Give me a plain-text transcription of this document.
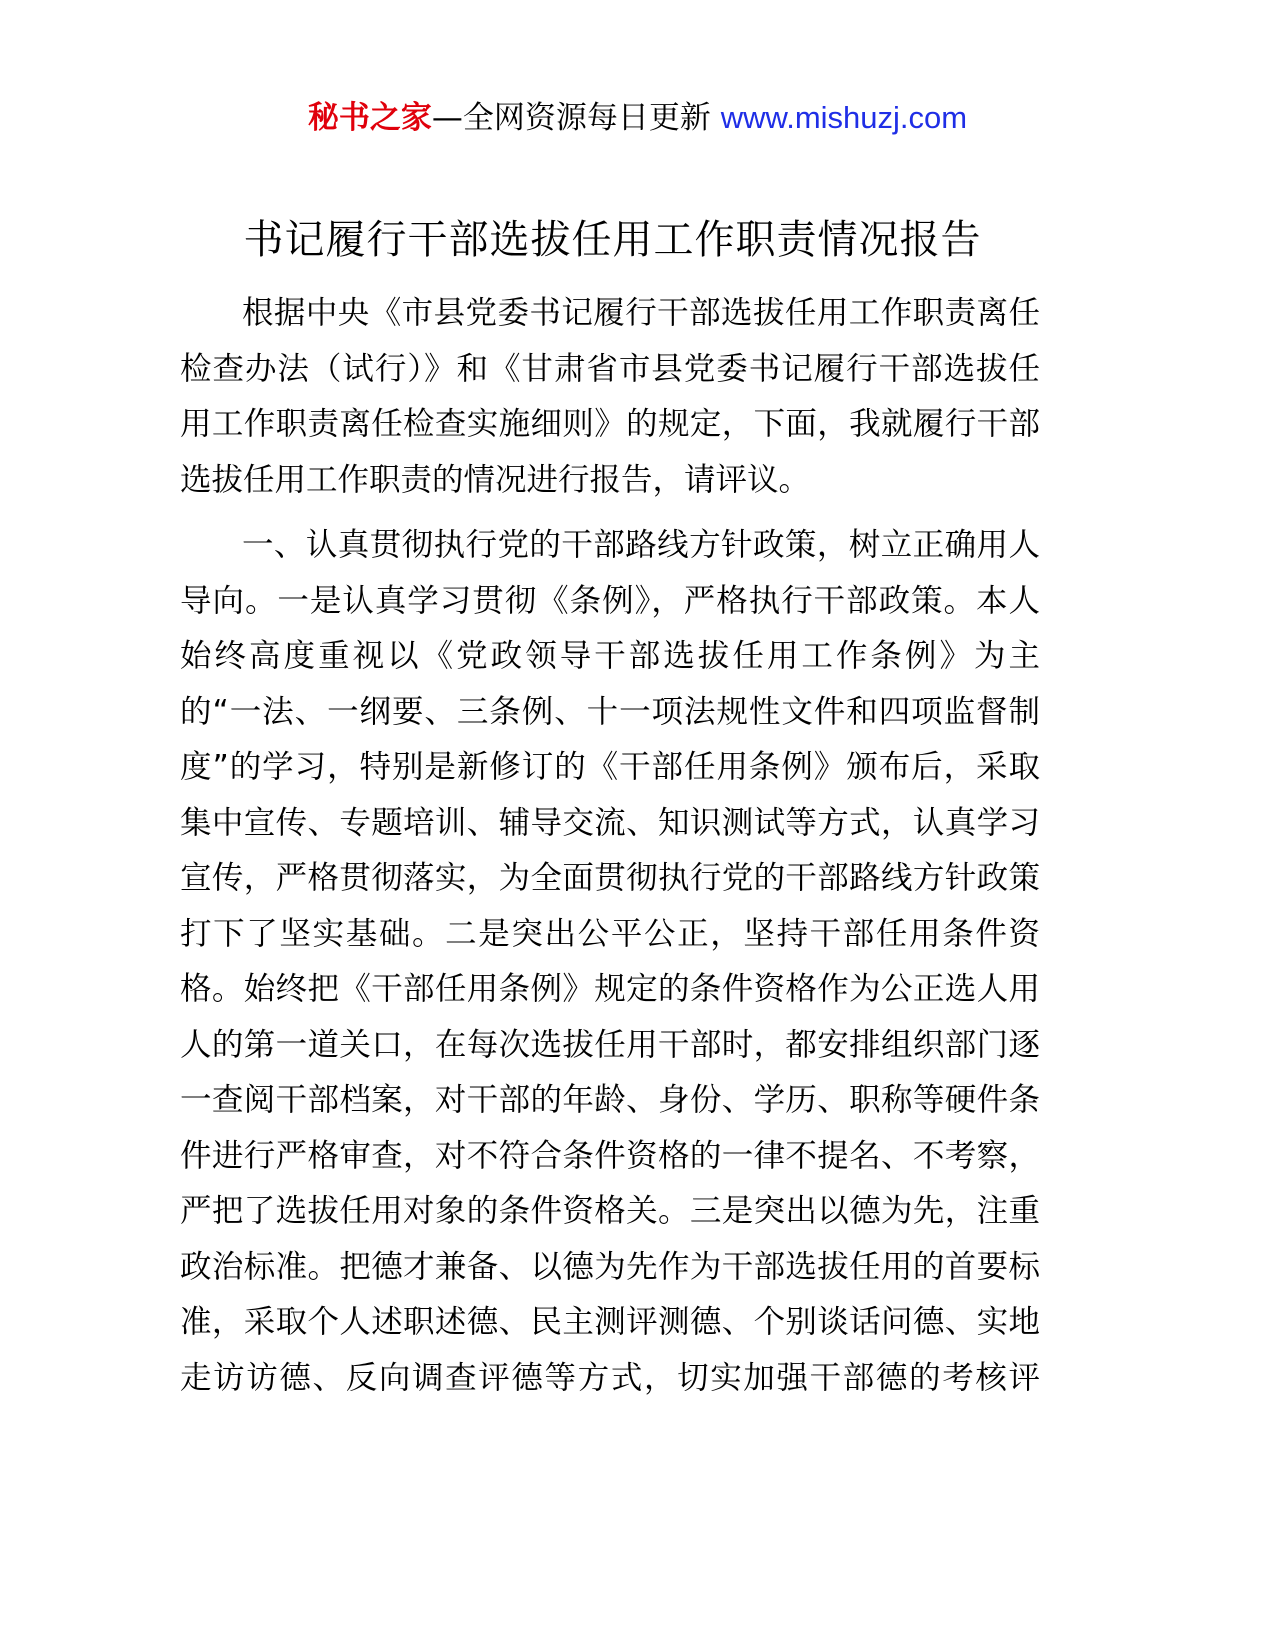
秘书之家—全网资源每日更新 www.mishuzj.com
书记履行干部选拔任用工作职责情况报告
根据中央《市县党委书记履行干部选拔任用工作职责离任
检查办法（试行）》和《甘肃省市县党委书记履行干部选拔任
用工作职责离任检查实施细则》的规定，下面，我就履行干部
选拔任用工作职责的情况进行报告，请评议。
一、认真贯彻执行党的干部路线方针政策，树立正确用人
导向。一是认真学习贯彻《条例》，严格执行干部政策。本人
始终高度重视以《党政领导干部选拔任用工作条例》为主
的“一法、一纲要、三条例、十一项法规性文件和四项监督制
度”的学习，特别是新修订的《干部任用条例》颁布后，采取
集中宣传、专题培训、辅导交流、知识测试等方式，认真学习
宣传，严格贯彻落实，为全面贯彻执行党的干部路线方针政策
打下了坚实基础。二是突出公平公正，坚持干部任用条件资
格。始终把《干部任用条例》规定的条件资格作为公正选人用
人的第一道关口，在每次选拔任用干部时，都安排组织部门逐
一查阅干部档案，对干部的年龄、身份、学历、职称等硬件条
件进行严格审查，对不符合条件资格的一律不提名、不考察，
严把了选拔任用对象的条件资格关。三是突出以德为先，注重
政治标准。把德才兼备、以德为先作为干部选拔任用的首要标
准，采取个人述职述德、民主测评测德、个别谈话问德、实地
走访访德、反向调查评德等方式，切实加强干部德的考核评
